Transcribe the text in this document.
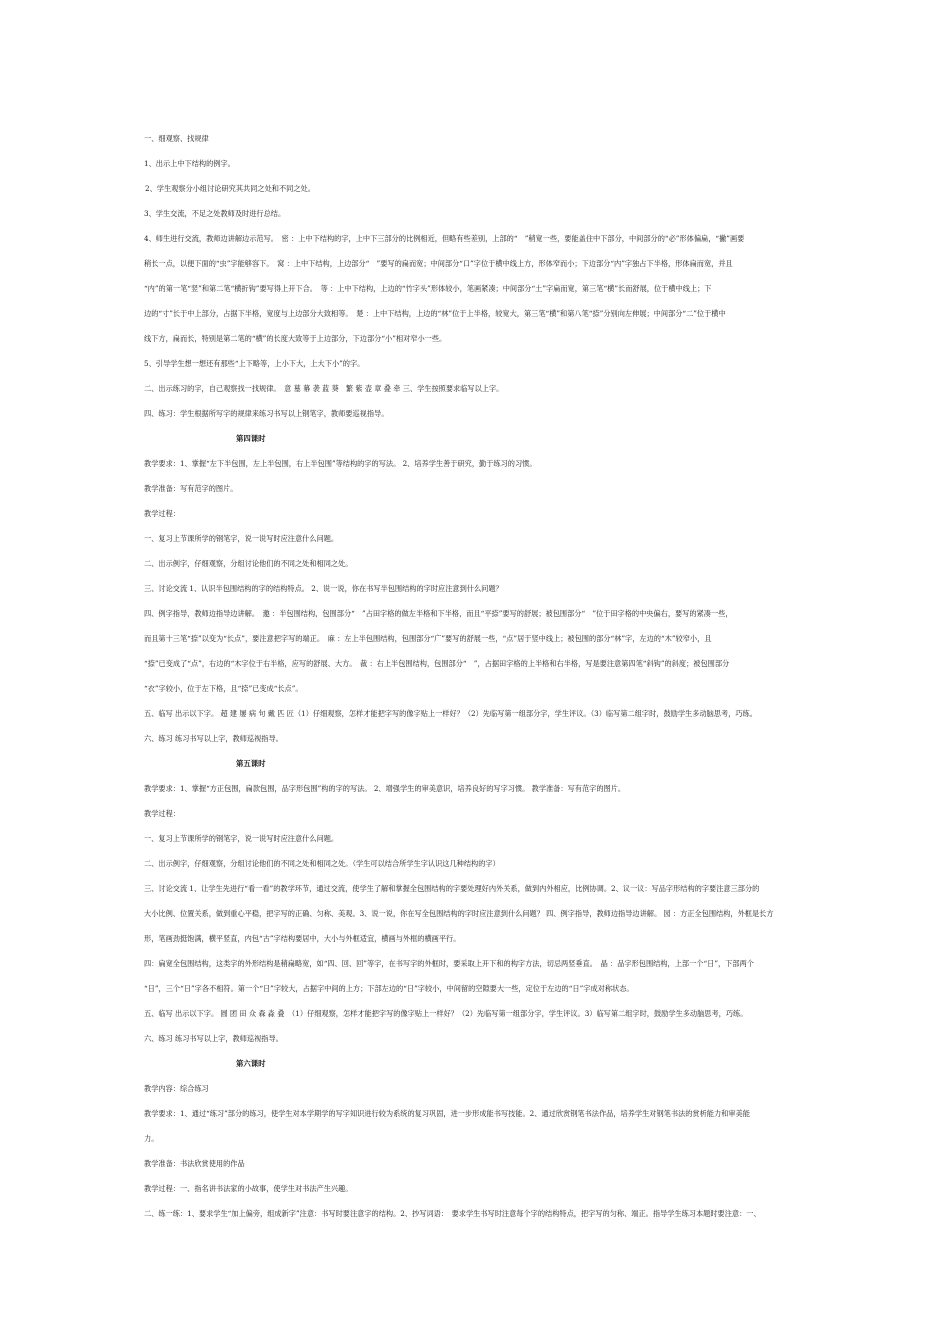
一、细观察、找规律

1、出示上中下结构的例字。

2、学生观察分小组讨论研究其共同之处和不同之处。

3、学生交流，不足之处教师及时进行总结。

4、师生进行交流，教师边讲解边示范写。　密 ：上中下结构的字，上中下三部分的比例相近，但略有些差别，上部的“　”稍宽一些，要能盖住中下部分，中间部分的“必”形体偏扁，“撇”画要

稍长一点，以便下面的“虫”字能够容下。　窝 ：上中下结构，上边部分“　”要写的扁而宽；中间部分“口”字位于横中线上方，形体窄而小；下边部分“内”字独占下半格，形体扁而宽，并且

“内”的第一笔“竖”和第二笔“横折钩”要写得上开下合。　等 ：上中下结构，上边的“竹字头”形体较小，笔画紧凑；中间部分“土”字扁而宽，第三笔“横”长而舒展，位于横中线上；下

边的“寸”长于中上部分，占据下半格，宽度与上边部分大致相等。　楚 ：上中下结构，上边的“林”位于上半格，较宽大，第三笔“横”和第八笔“捺”分别向左伸展；中间部分“二”位于横中

线下方，扁而长，特别是第二笔的“横”的长度大致等于上边部分，下边部分“小”相对窄小一些。

5、引导学生想一想还有那些“上下略等，上小下大，上大下小”的字。

二、出示练习的字，自己观察找一找规律。　意 墓 幕 袭 蓝 葵　繁 紫 壶 章 叠 牵 三、学生按照要求临写以上字。

四、练习：学生根据所写字的规律来练习书写以上钢笔字，教师要巡视指导。

第四课时

教学要求：1、掌握“左下半包围，左上半包围，右上半包围”等结构的字的写法。 2、培养学生善于研究，勤于练习的习惯。

教学准备：写有范字的图片。

教学过程：

一、复习上节课所学的钢笔字，说一说写时应注意什么问题。

二、出示例字，仔细观察，分组讨论他们的不同之处和相同之处。

三、讨论交流 1、认识半包围结构的字的结构特点。 2、说一说，你在书写半包围结构的字时应注意到什么问题？

四、例字指导，教师边指导边讲解。　邀 ：半包围结构，包围部分“　”占田字格的做左半格和下半格，而且“平捺”要写的舒展；被包围部分“　”位于田字格的中央偏右，要写的紧凑一些，

而且第十三笔“捺”以变为“长点”，要注意把字写的端正。　麻 ：左上半包围结构，包围部分“广”要写的舒展一些，“点”居于竖中线上；被包围的部分“林”字，左边的“木”较窄小，且

“捺”已变成了“点”，右边的“木字位于右半格，应写的舒展、大方。　裁 ：右上半包围结构，包围部分“　”，占据田字格的上半格和右半格，写是要注意第四笔“斜钩”的斜度；被包围部分

“衣”字较小，位于左下格，且“捺”已变成“长点”。

五、临写 出示以下字。 超 建 屡 病 句 戴 匹 匠（1）仔细观察，怎样才能把字写的像字贴上一样好？（2）先临写第一组部分字，学生评议。（3）临写第二组字时，鼓励学生多动脑思考，巧练。

六、练习 练习书写以上字，教师巡视指导。

第五课时

教学要求：1、掌握“方正包围，扁款包围，品字形包围”构的字的写法。 2、增强学生的审美意识，培养良好的写字习惯。 教学准备：写有范字的图片。

教学过程：

一、复习上节课所学的钢笔字，说一说写时应注意什么问题。

二、出示例字，仔细观察，分组讨论他们的不同之处和相同之处。（学生可以结合所学生字认识这几种结构的字）

三、讨论交流 1、让学生先进行“看一看”的教学环节，通过交流，使学生了解和掌握全包围结构的字要处理好内外关系，做到内外相应，比例协调。2、议一议：写品字形结构的字要注意三部分的

大小比例、位置关系，做到重心平稳，把字写的正确、匀称、美观。3、说一说，你在写全包围结构的字时应注意到什么问题？ 四、例字指导，教师边指导边讲解。 园 ：方正全包围结构，外框是长方

形，笔画劲挺饱满，横平竖直，内包“古”字结构要居中，大小与外框适宜，横画与外框的横画平行。

四：扁宽全包围结构，这类字的外形结构是稍扁略宽，如“四、回、回”等字，在书写字的外框时，要采取上开下和的构字方法，切忌两竖垂直。　晶 ：品字形包围结构，上部一个“日”，下部两个

“日”，三个“日”字各不相符。第一个“日”字较大，占据字中间的上方；下部左边的“日”字较小，中间留的空隙要大一些，定位于左边的“日”字成对称状态。

五、临写 出示以下字。 圆 团 田 众 森 淼 叠　（1）仔细观察，怎样才能把字写的像字贴上一样好？（2）先临写第一组部分字，学生评议。3）临写第二组字时，鼓励学生多动脑思考，巧练。

六、练习 练习书写以上字，教师巡视指导。

第六课时

教学内容：综合练习

教学要求：1、通过“练习”部分的练习，使学生对本学期学的写字知识进行较为系统的复习巩固，进一步形成能书写技能。2、通过欣赏钢笔书法作品，培养学生对钢笔书法的赏析能力和审美能

力。

教学准备：书法欣赏使用的作品

教学过程：一、指名讲书法家的小故事，使学生对书法产生兴趣。

二、练一练：1、要求学生“加上偏旁，组成新字”注意：书写时要注意字的结构。2、抄写词语：　要求学生书写时注意每个字的结构特点，把字写的匀称、端正。指导学生练习本题时要注意：一、
